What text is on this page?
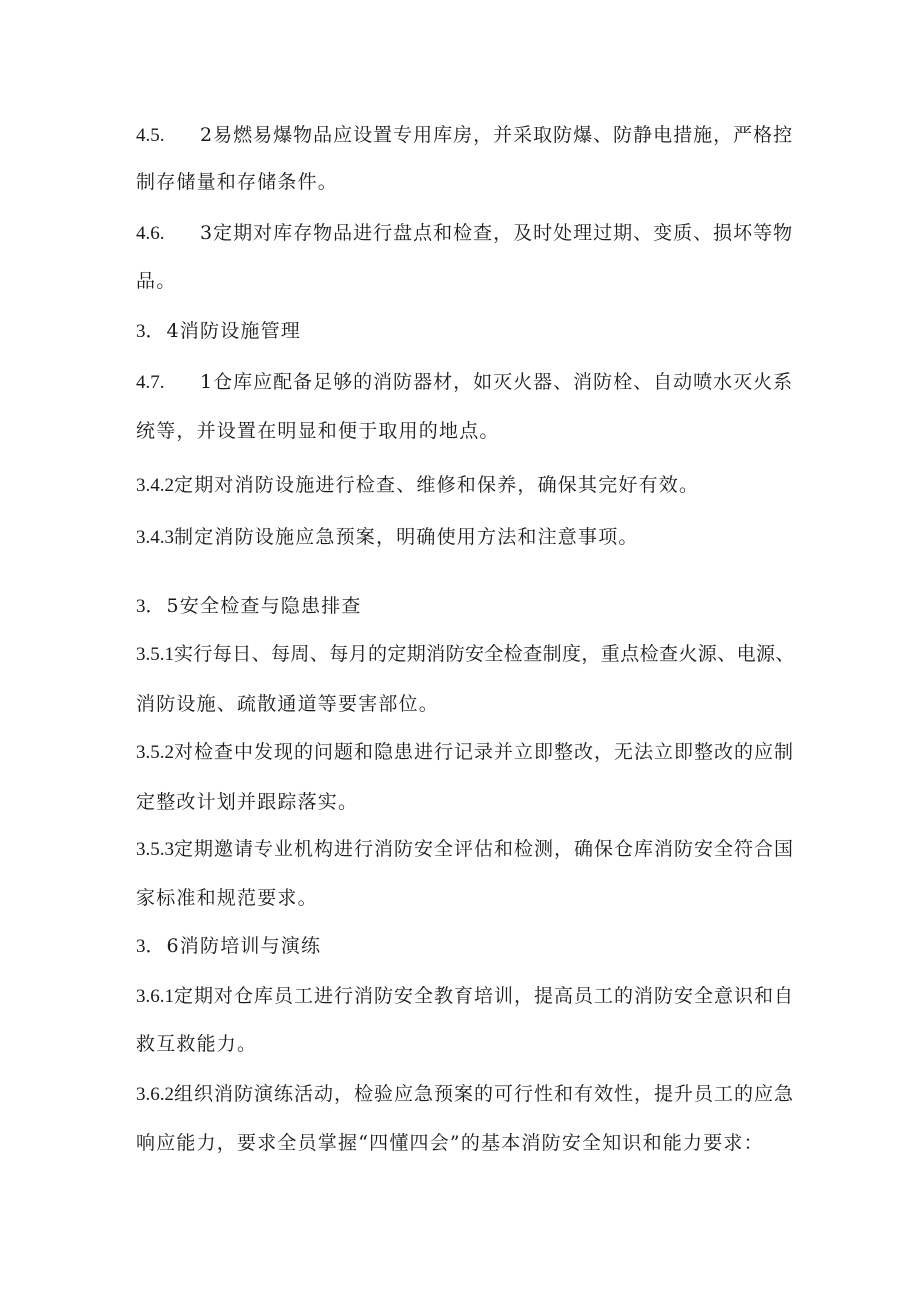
4.5. 2易燃易爆物品应设置专用库房，并采取防爆、防静电措施，严格控
制存储量和存储条件。
4.6. 3定期对库存物品进行盘点和检查，及时处理过期、变质、损坏等物
品。
3． 4消防设施管理
4.7. 1仓库应配备足够的消防器材，如灭火器、消防栓、自动喷水灭火系
统等，并设置在明显和便于取用的地点。
3.4.2定期对消防设施进行检查、维修和保养，确保其完好有效。
3.4.3制定消防设施应急预案，明确使用方法和注意事项。
3． 5安全检查与隐患排查
3.5.1实行每日、每周、每月的定期消防安全检查制度，重点检查火源、电源、
消防设施、疏散通道等要害部位。
3.5.2对检查中发现的问题和隐患进行记录并立即整改，无法立即整改的应制
定整改计划并跟踪落实。
3.5.3定期邀请专业机构进行消防安全评估和检测，确保仓库消防安全符合国
家标准和规范要求。
3． 6消防培训与演练
3.6.1定期对仓库员工进行消防安全教育培训，提高员工的消防安全意识和自
救互救能力。
3.6.2组织消防演练活动，检验应急预案的可行性和有效性，提升员工的应急
响应能力，要求全员掌握“四懂四会”的基本消防安全知识和能力要求：
